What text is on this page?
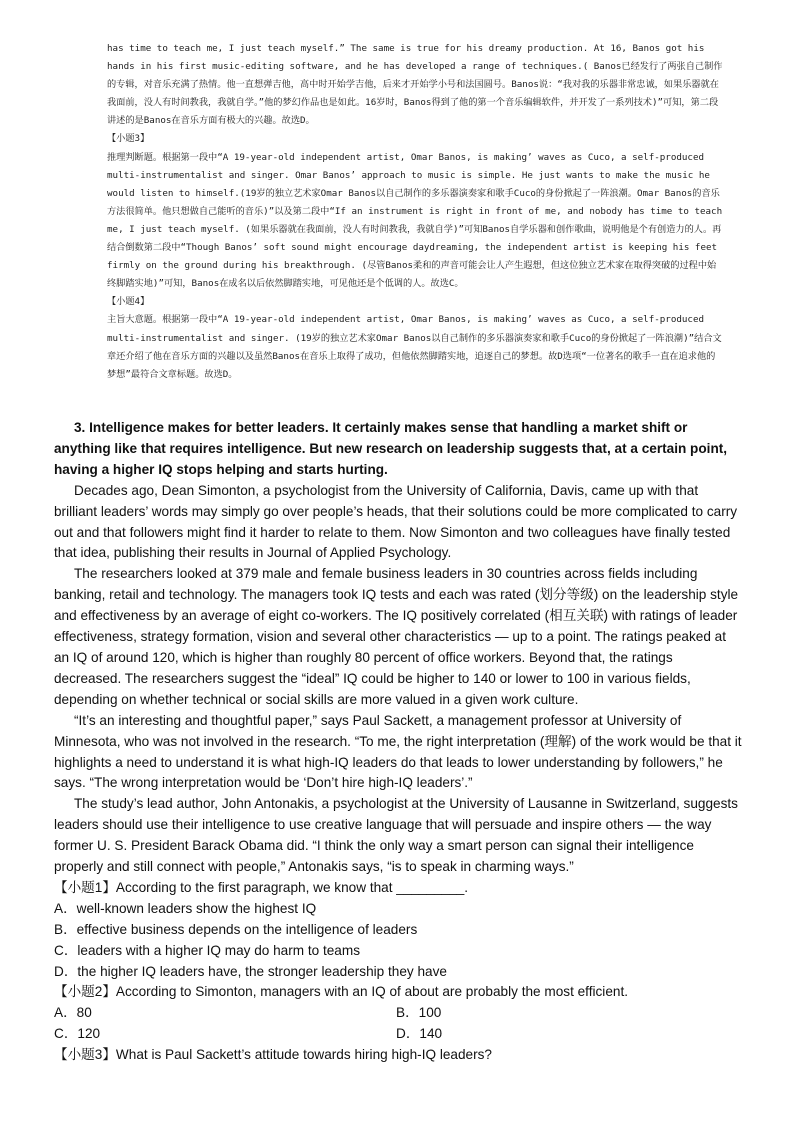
has time to teach me, I just teach myself.” The same is true for his dreamy production. At 16, Banos got his hands in his first music-editing software, and he has developed a range of techniques.( Banos已经发行了两张自己制作的专辑，对音乐充满了热情。他一直想弹吉他，高中时开始学吉他，后来才开始学小号和法国圆号。Banos说：“我对我的乐器非常忠诚，如果乐器就在我面前，没人有时间教我，我就自学。”他的梦幻作品也是如此。16岁时，Banos得到了他的第一个音乐编辑软件，并开发了一系列技术)”可知，第二段讲述的是Banos在音乐方面有极大的兴趣。故选D。

【小题3】

推理判断题。根据第一段中“A 19-year-old independent artist, Omar Banos, is making’ waves as Cuco, a self-produced multi-instrumentalist and singer. Omar Banos’ approach to music is simple. He just wants to make the music he would listen to himself.(19岁的独立艺术家Omar Banos以自己制作的多乐器演奏家和歌手Cuco的身份掀起了一阵浪潮。Omar Banos的音乐方法很简单。他只想做自己能听的音乐)”以及第二段中“If an instrument is right in front of me, and nobody has time to teach me, I just teach myself. (如果乐器就在我面前，没人有时间教我，我就自学)”可知Banos自学乐器和创作歌曲，说明他是个有创造力的人。再结合倒数第二段中“Though Banos’ soft sound might encourage daydreaming, the independent artist is keeping his feet firmly on the ground during his breakthrough. (尽管Banos柔和的声音可能会让人产生遐想，但这位独立艺术家在取得突破的过程中始终脚踏实地)”可知，Banos在成名以后依然脚踏实地，可见他还是个低调的人。故选C。

【小题4】

主旨大意题。根据第一段中“A 19-year-old independent artist, Omar Banos, is making’ waves as Cuco, a self-produced multi-instrumentalist and singer. (19岁的独立艺术家Omar Banos以自己制作的多乐器演奏家和歌手Cuco的身份掀起了一阵浪潮)”结合文章还介绍了他在音乐方面的兴趣以及虽然Banos在音乐上取得了成功，但他依然脚踏实地，追逐自己的梦想。故D选项“一位著名的歌手一直在追求他的梦想”最符合文章标题。故选D。

3. Intelligence makes for better leaders. It certainly makes sense that handling a market shift or anything like that requires intelligence. But new research on leadership suggests that, at a certain point, having a higher IQ stops helping and starts hurting.

Decades ago, Dean Simonton, a psychologist from the University of California, Davis, came up with that brilliant leaders’ words may simply go over people’s heads, that their solutions could be more complicated to carry out and that followers might find it harder to relate to them. Now Simonton and two colleagues have finally tested that idea, publishing their results in Journal of Applied Psychology.

The researchers looked at 379 male and female business leaders in 30 countries across fields including banking, retail and technology. The managers took IQ tests and each was rated (划分等级) on the leadership style and effectiveness by an average of eight co-workers. The IQ positively correlated (相互关联) with ratings of leader effectiveness, strategy formation, vision and several other characteristics — up to a point. The ratings peaked at an IQ of around 120, which is higher than roughly 80 percent of office workers. Beyond that, the ratings decreased. The researchers suggest the “ideal” IQ could be higher to 140 or lower to 100 in various fields, depending on whether technical or social skills are more valued in a given work culture.

“It’s an interesting and thoughtful paper,” says Paul Sackett, a management professor at University of Minnesota, who was not involved in the research. “To me, the right interpretation (理解) of the work would be that it highlights a need to understand it is what high-IQ leaders do that leads to lower understanding by followers,” he says. “The wrong interpretation would be ‘Don’t hire high-IQ leaders’.”

The study’s lead author, John Antonakis, a psychologist at the University of Lausanne in Switzerland, suggests leaders should use their intelligence to use creative language that will persuade and inspire others — the way former U. S. President Barack Obama did. “I think the only way a smart person can signal their intelligence properly and still connect with people,” Antonakis says, “is to speak in charming ways.”

【小题1】According to the first paragraph, we know that _________.

A．well-known leaders show the highest IQ

B．effective business depends on the intelligence of leaders

C．leaders with a higher IQ may do harm to teams

D．the higher IQ leaders have, the stronger leadership they have

【小题2】According to Simonton, managers with an IQ of about are probably the most efficient.

A．80	B．100
C．120	D．140

【小题3】What is Paul Sackett’s attitude towards hiring high-IQ leaders?
